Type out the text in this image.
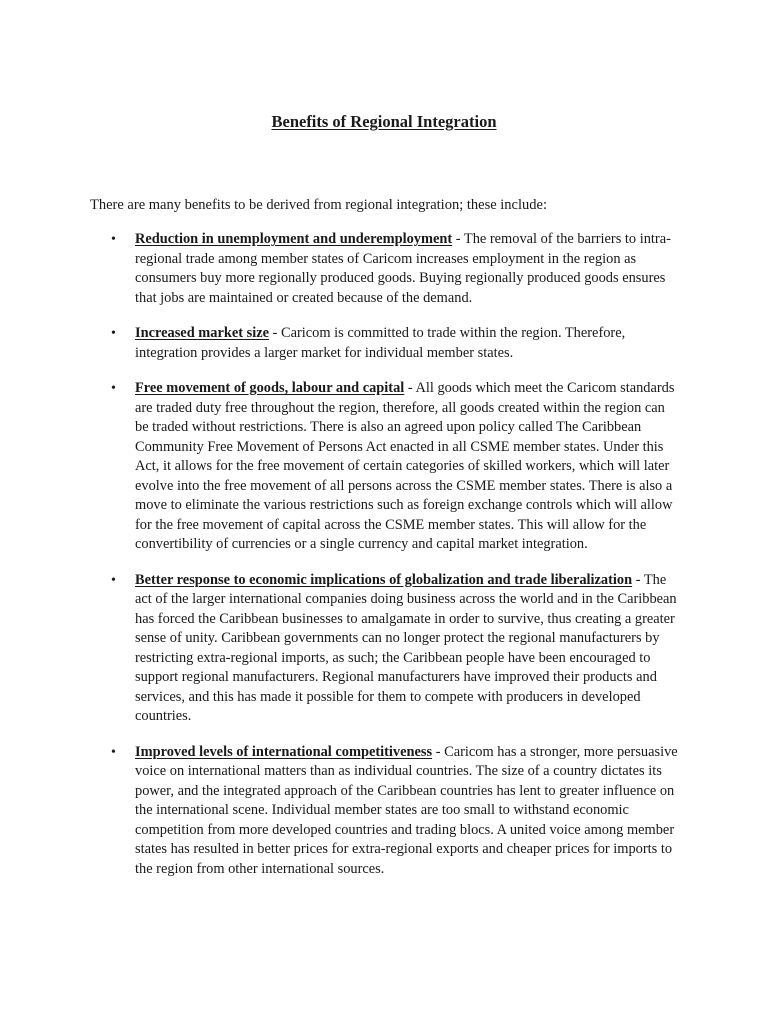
Benefits of Regional Integration

There are many benefits to be derived from regional integration; these include:

• Reduction in unemployment and underemployment - The removal of the barriers to intra-regional trade among member states of Caricom increases employment in the region as consumers buy more regionally produced goods. Buying regionally produced goods ensures that jobs are maintained or created because of the demand.
• Increased market size - Caricom is committed to trade within the region. Therefore, integration provides a larger market for individual member states.
• Free movement of goods, labour and capital - All goods which meet the Caricom standards are traded duty free throughout the region, therefore, all goods created within the region can be traded without restrictions. There is also an agreed upon policy called The Caribbean Community Free Movement of Persons Act enacted in all CSME member states. Under this Act, it allows for the free movement of certain categories of skilled workers, which will later evolve into the free movement of all persons across the CSME member states. There is also a move to eliminate the various restrictions such as foreign exchange controls which will allow for the free movement of capital across the CSME member states. This will allow for the convertibility of currencies or a single currency and capital market integration.
• Better response to economic implications of globalization and trade liberalization - The act of the larger international companies doing business across the world and in the Caribbean has forced the Caribbean businesses to amalgamate in order to survive, thus creating a greater sense of unity. Caribbean governments can no longer protect the regional manufacturers by restricting extra-regional imports, as such; the Caribbean people have been encouraged to support regional manufacturers. Regional manufacturers have improved their products and services, and this has made it possible for them to compete with producers in developed countries.
• Improved levels of international competitiveness - Caricom has a stronger, more persuasive voice on international matters than as individual countries. The size of a country dictates its power, and the integrated approach of the Caribbean countries has lent to greater influence on the international scene. Individual member states are too small to withstand economic competition from more developed countries and trading blocs. A united voice among member states has resulted in better prices for extra-regional exports and cheaper prices for imports to the region from other international sources.
